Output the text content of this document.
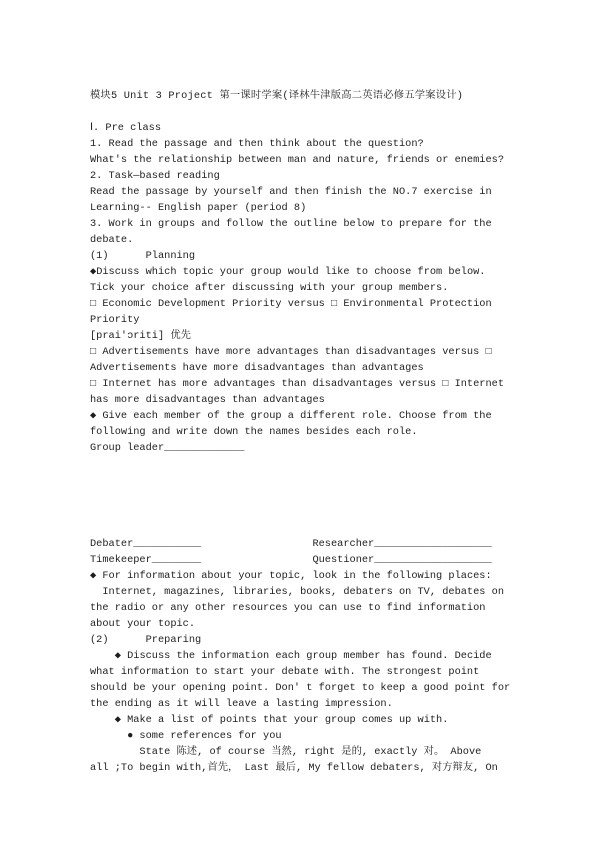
模块5 Unit 3 Project 第一课时学案(译林牛津版高二英语必修五学案设计)

Ⅰ. Pre class
1. Read the passage and then think about the question?
What's the relationship between man and nature, friends or enemies?
2. Task—based reading
Read the passage by yourself and then finish the NO.7 exercise in
Learning-- English paper (period 8)
3. Work in groups and follow the outline below to prepare for the
debate.
(1)      Planning
◆Discuss which topic your group would like to choose from below.
Tick your choice after discussing with your group members.
□ Economic Development Priority versus □ Environmental Protection
Priority
[prai'ɔriti] 优先
□ Advertisements have more advantages than disadvantages versus □
Advertisements have more disadvantages than advantages
□ Internet has more advantages than disadvantages versus □ Internet
has more disadvantages than advantages
◆ Give each member of the group a different role. Choose from the
following and write down the names besides each role.
Group leader_____________

Debater___________                  Researcher___________________
Timekeeper________                  Questioner___________________
◆ For information about your topic, look in the following places:
Internet, magazines, libraries, books, debaters on TV, debates on
the radio or any other resources you can use to find information
about your topic.
(2)      Preparing
◆ Discuss the information each group member has found. Decide
what information to start your debate with. The strongest point
should be your opening point. Don' t forget to keep a good point for
the ending as it will leave a lasting impression.
◆ Make a list of points that your group comes up with.
● some references for you
State 陈述, of course 当然, right 是的, exactly 对。 Above
all ;To begin with,首先， Last 最后, My fellow debaters, 对方辩友, On
